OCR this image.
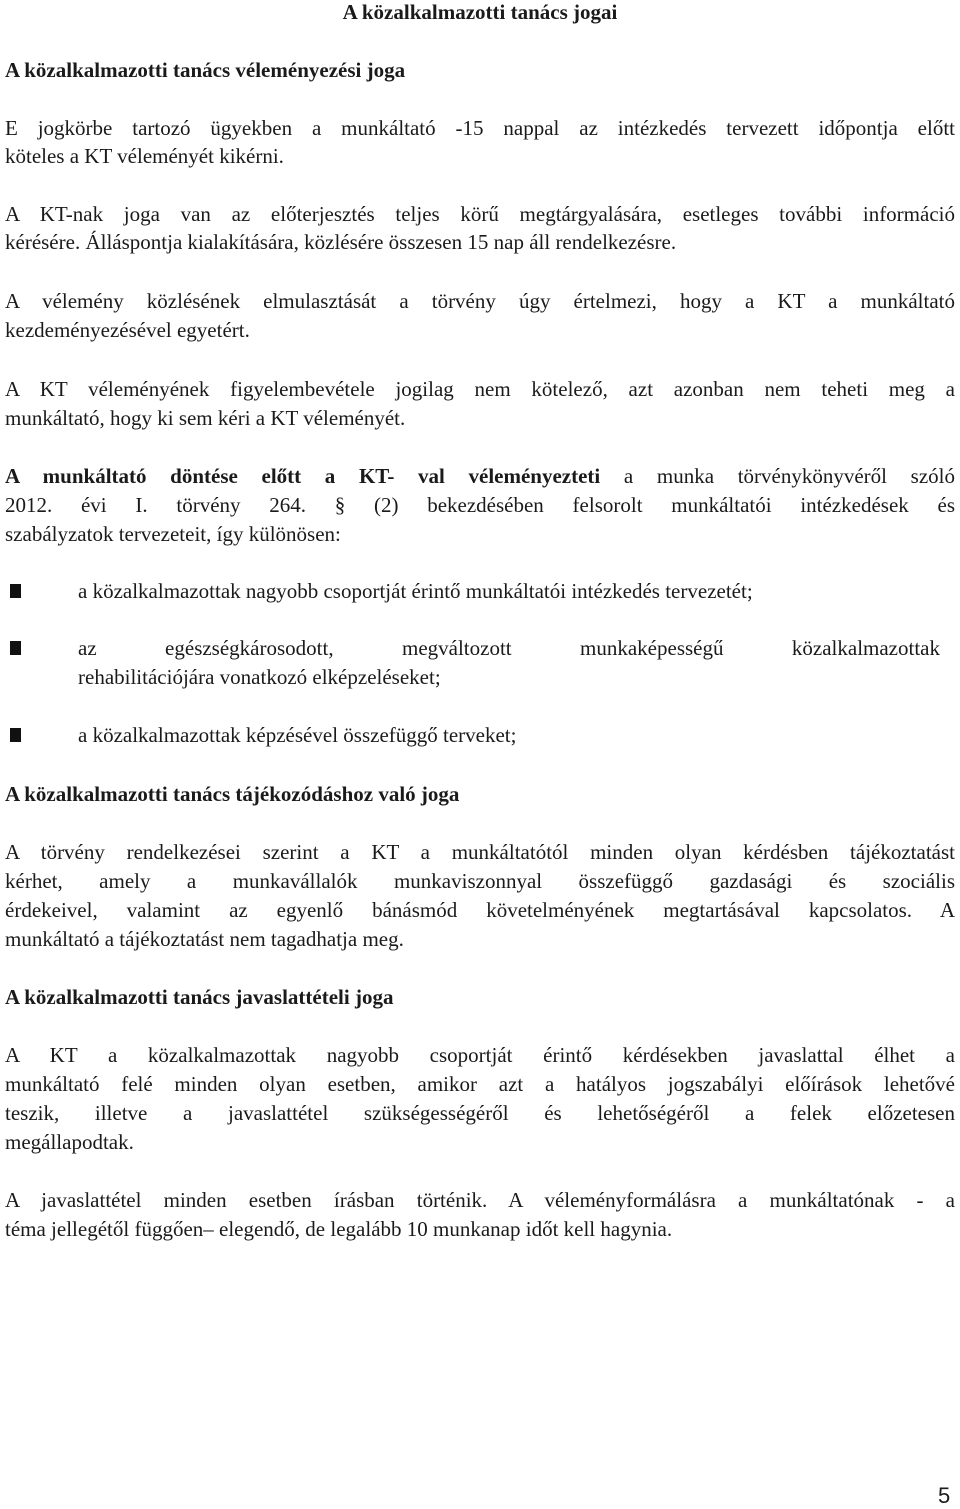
A közalkalmazotti tanács jogai

A közalkalmazotti tanács véleményezési joga

E jogkörbe tartozó ügyekben a munkáltató -15 nappal az intézkedés tervezett időpontja előtt

köteles a KT véleményét kikérni.

A KT-nak joga van az előterjesztés teljes körű megtárgyalására, esetleges további információ

kérésére. Álláspontja kialakítására, közlésére összesen 15 nap áll rendelkezésre.

A vélemény közlésének elmulasztását a törvény úgy értelmezi, hogy a KT a munkáltató

kezdeményezésével egyetért.

A KT véleményének figyelembevétele jogilag nem kötelező, azt azonban nem teheti meg a

munkáltató, hogy ki sem kéri a KT véleményét.

A munkáltató döntése előtt a KT- val véleményezteti a munka törvénykönyvéről szóló

2012. évi I. törvény 264. § (2) bekezdésében felsorolt munkáltatói intézkedések és

szabályzatok tervezeteit, így különösen:

a közalkalmazottak nagyobb csoportját érintő munkáltatói intézkedés tervezetét;

az egészségkárosodott, megváltozott munkaképességű közalkalmazottak

rehabilitációjára vonatkozó elképzeléseket;

a közalkalmazottak képzésével összefüggő terveket;

A közalkalmazotti tanács tájékozódáshoz való joga

A törvény rendelkezései szerint a KT a munkáltatótól minden olyan kérdésben tájékoztatást

kérhet, amely a munkavállalók munkaviszonnyal összefüggő gazdasági és szociális

érdekeivel, valamint az egyenlő bánásmód követelményének megtartásával kapcsolatos. A

munkáltató a tájékoztatást nem tagadhatja meg.

A közalkalmazotti tanács javaslattételi joga

A KT a közalkalmazottak nagyobb csoportját érintő kérdésekben javaslattal élhet a

munkáltató felé minden olyan esetben, amikor azt a hatályos jogszabályi előírások lehetővé

teszik, illetve a javaslattétel szükségességéről és lehetőségéről a felek előzetesen

megállapodtak.

A javaslattétel minden esetben írásban történik. A véleményformálásra a munkáltatónak - a

téma jellegétől függően– elegendő, de legalább 10 munkanap időt kell hagynia.

5
